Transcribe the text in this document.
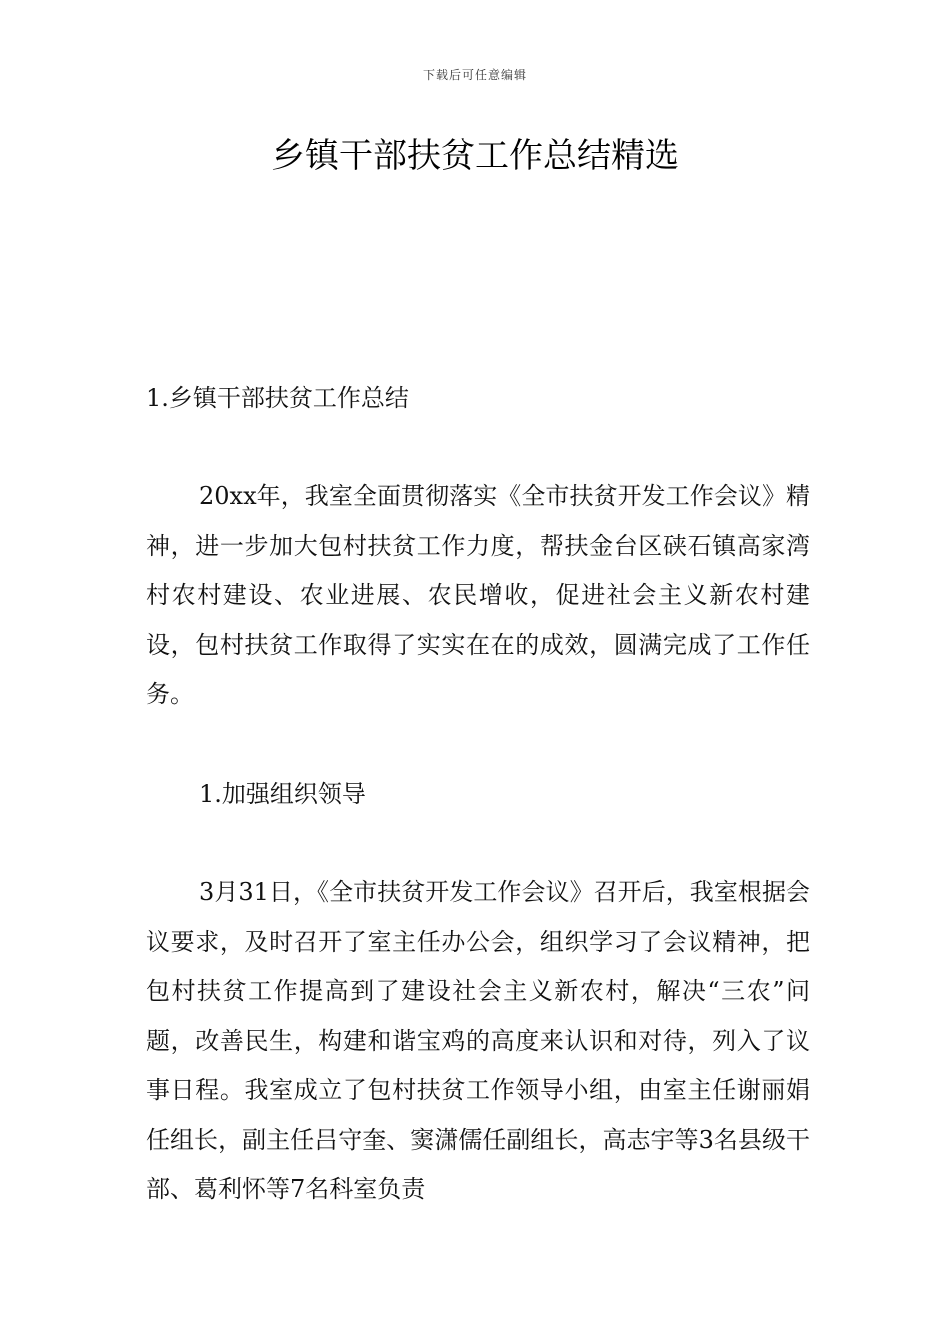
下载后可任意编辑
乡镇干部扶贫工作总结精选

1.乡镇干部扶贫工作总结

20xx年，我室全面贯彻落实《全市扶贫开发工作会议》精神，进一步加大包村扶贫工作力度，帮扶金台区硖石镇高家湾村农村建设、农业进展、农民增收，促进社会主义新农村建设，包村扶贫工作取得了实实在在的成效，圆满完成了工作任务。

1.加强组织领导

3月31日，《全市扶贫开发工作会议》召开后，我室根据会议要求，及时召开了室主任办公会，组织学习了会议精神，把包村扶贫工作提高到了建设社会主义新农村，解决“三农”问题，改善民生，构建和谐宝鸡的高度来认识和对待，列入了议事日程。我室成立了包村扶贫工作领导小组，由室主任谢丽娟任组长，副主任吕守奎、窦潇儒任副组长，高志宇等3名县级干部、葛利怀等7名科室负责
